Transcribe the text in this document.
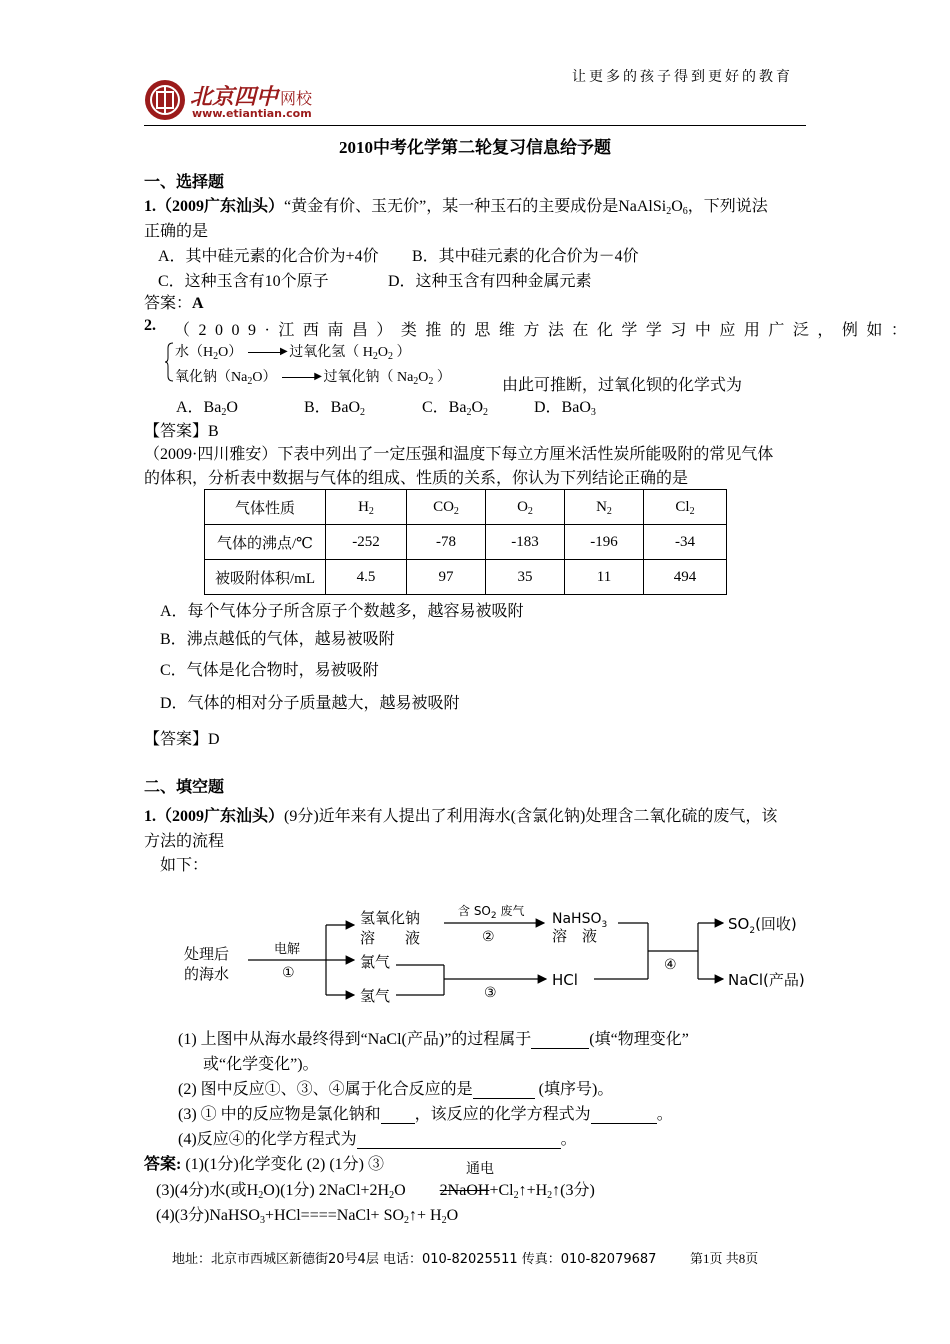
北京四中 网校
www.etiantian.com
让更多的孩子得到更好的教育
2010中考化学第二轮复习信息给予题
一、选择题
1.（2009广东汕头）“黄金有价、玉无价”，某一种玉石的主要成份是$NaAlSi_2O_6$，下列说法
正确的是
A．其中硅元素的化合价为+4价 B．其中硅元素的化合价为－4价
C．这种玉含有10个原子	D．这种玉含有四种金属元素
答案：A
2. （2009·江西南昌）类推的思维方法在化学学习中应用广泛，例如：
水$(H_2O)$	▶ 过氧化氢（ $H_2O_2$ ）
氧化钠$(Na_2O)$	▶ 过氧化钠（ $Na_2O_2$ ）	由此可推断，过氧化钡的化学式为
A．$Ba_2O$	B．BaO$_2$	C．$Ba_2O_2$	D．BaO$_3$
【答案】B
（2009·四川雅安）下表中列出了一定压强和温度下每立方厘米活性炭所能吸附的常见气体
的体积，分析表中数据与气体的组成、性质的关系，你认为下列结论正确的是
气体性质	$H_2$	$CO_2$	$O_2$	$N_2$	$Cl_2$
气体的沸点/℃	-252	-78	-183	-196	-34
被吸附体积/mL	4.5	97	35	11	494
A．每个气体分子所含原子个数越多，越容易被吸附
B．沸点越低的气体，越易被吸附
C．气体是化合物时，易被吸附
D．气体的相对分子质量越大，越易被吸附
【答案】D
二、填空题
1.（2009广东汕头）(9分)近年来有人提出了利用海水(含氯化钠)处理含二氧化硫的废气，该
方法的流程
如下：
处理后
的海水
电解
①
氢氧化钠
溶　　液
氯气
氢气
含 $SO_2$ 废气
②
NaHSO$_3$
溶　液
③
HCl
④
$SO_2$(回收)
NaCl(产品)
(1) 上图中从海水最终得到“NaCl(产品)”的过程属于	(填“物理变化”
或“化学变化”)。
(2) 图中反应①、③、④属于化合反应的是	(填序号)。
(3) ① 中的反应物是氯化钠和 ，该反应的化学方程式为	。
(4)反应④的化学方程式为	。
答案: (1)(1分)化学变化 (2) (1分) ③	通电
(3)(4分)水(或$H_2O)(1$分) $2NaCl+2H_2O$ $2NaOH+Cl_2↑+H_2↑(3$分)
(4)(3分)NaHSO$_3$+HCl====NaCl+ $SO_2↑+ H_2O$
地址：北京市西城区新德街20号4层 电话：010-82025511 传真：010-82079687	第1页 共8页
